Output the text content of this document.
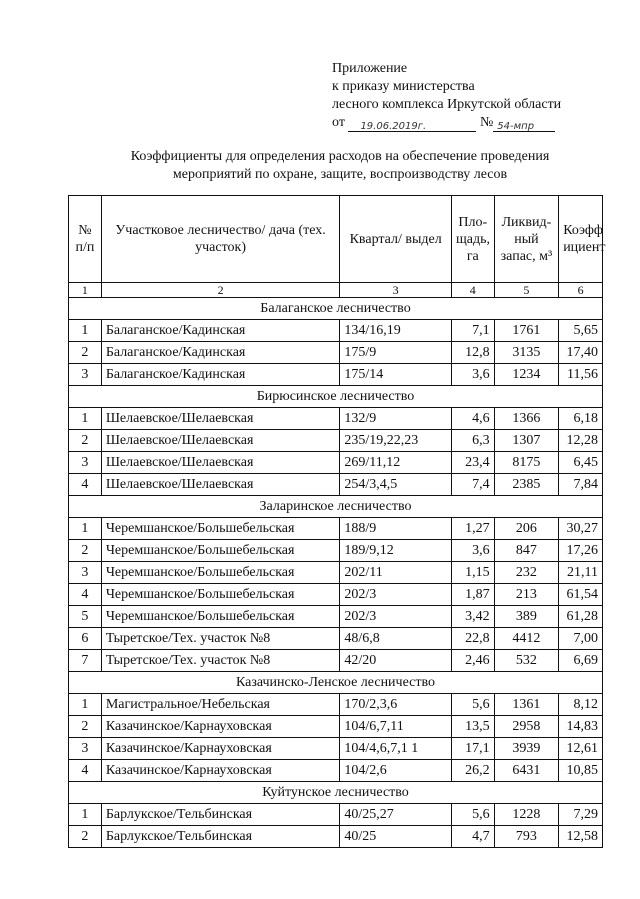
Приложение
к приказу министерства
лесного комплекса Иркутской области
от 19.06.2019г.	№ 54-мпр
Коэффициенты для определения расходов на обеспечение проведения
мероприятий по охране, защите, воспроизводству лесов
№ п/п	Участковое лесничество/ дача (тех. участок)	Квартал/ выдел	Пло-щадь, га	Ликвид-ный запас, м³	Коэфф ициент
1	2	3	4	5	6
Балаганское лесничество					
1	Балаганское/Кадинская	134/16,19	7,1	1761	5,65
2	Балаганское/Кадинская	175/9	12,8	3135	17,40
3	Балаганское/Кадинская	175/14	3,6	1234	11,56
Бирюсинское лесничество					
1	Шелаевское/Шелаевская	132/9	4,6	1366	6,18
2	Шелаевское/Шелаевская	235/19,22,23	6,3	1307	12,28
3	Шелаевское/Шелаевская	269/11,12	23,4	8175	6,45
4	Шелаевское/Шелаевская	254/3,4,5	7,4	2385	7,84
Заларинское лесничество					
1	Черемшанское/Большебельская	188/9	1,27	206	30,27
2	Черемшанское/Большебельская	189/9,12	3,6	847	17,26
3	Черемшанское/Большебельская	202/11	1,15	232	21,11
4	Черемшанское/Большебельская	202/3	1,87	213	61,54
5	Черемшанское/Большебельская	202/3	3,42	389	61,28
6	Тыретское/Тех. участок №8	48/6,8	22,8	4412	7,00
7	Тыретское/Тех. участок №8	42/20	2,46	532	6,69
Казачинско-Ленское лесничество					
1	Магистральное/Небельская	170/2,3,6	5,6	1361	8,12
2	Казачинское/Карнауховская	104/6,7,11	13,5	2958	14,83
3	Казачинское/Карнауховская	104/4,6,7,1 1	17,1	3939	12,61
4	Казачинское/Карнауховская	104/2,6	26,2	6431	10,85
Куйтунское лесничество					
1	Барлукское/Тельбинская	40/25,27	5,6	1228	7,29
2	Барлукское/Тельбинская	40/25	4,7	793	12,58
